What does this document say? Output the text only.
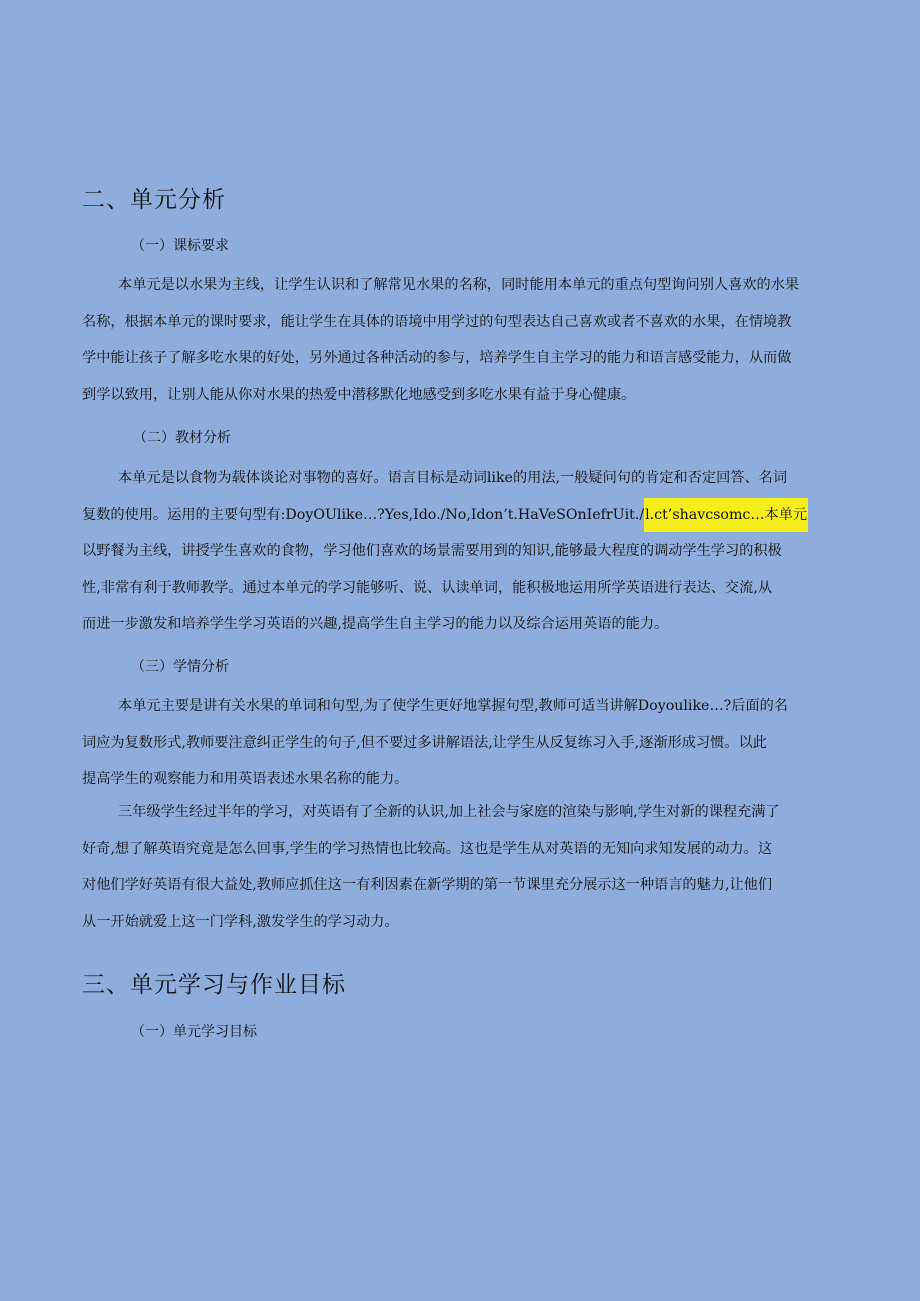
二、单元分析
（一）课标要求
本单元是以水果为主线，让学生认识和了解常见水果的名称，同时能用本单元的重点句型询问别人喜欢的水果
名称，根据本单元的课时要求，能让学生在具体的语境中用学过的句型表达自己喜欢或者不喜欢的水果，在情境教
学中能让孩子了解多吃水果的好处，另外通过各种活动的参与，培养学生自主学习的能力和语言感受能力，从而做
到学以致用，让别人能从你对水果的热爱中潜移默化地感受到多吃水果有益于身心健康。
（二）教材分析
本单元是以食物为载体谈论对事物的喜好。语言目标是动词like的用法,一般疑问句的肯定和否定回答、名词
复数的使用。运用的主要句型有:DoyOUlike…?Yes,Ido./No,Idon’t.HaVeSOnIefrUit./l.ct’shavcsomc…本单元
以野餐为主线，讲授学生喜欢的食物，学习他们喜欢的场景需要用到的知识,能够最大程度的调动学生学习的积极
性,非常有利于教师教学。通过本单元的学习能够听、说、认读单词，能积极地运用所学英语进行表达、交流,从
而进一步激发和培养学生学习英语的兴趣,提高学生自主学习的能力以及综合运用英语的能力。
（三）学情分析
本单元主要是讲有关水果的单词和句型,为了使学生更好地掌握句型,教师可适当讲解Doyoulike…?后面的名
词应为复数形式,教师要注意纠正学生的句子,但不要过多讲解语法,让学生从反复练习入手,逐渐形成习惯。以此
提高学生的观察能力和用英语表述水果名称的能力。
三年级学生经过半年的学习，对英语有了全新的认识,加上社会与家庭的渲染与影响,学生对新的课程充满了
好奇,想了解英语究竟是怎么回事,学生的学习热情也比较高。这也是学生从对英语的无知向求知发展的动力。这
对他们学好英语有很大益处,教师应抓住这一有利因素在新学期的第一节课里充分展示这一种语言的魅力,让他们
从一开始就爱上这一门学科,激发学生的学习动力。
三、单元学习与作业目标
（一）单元学习目标
